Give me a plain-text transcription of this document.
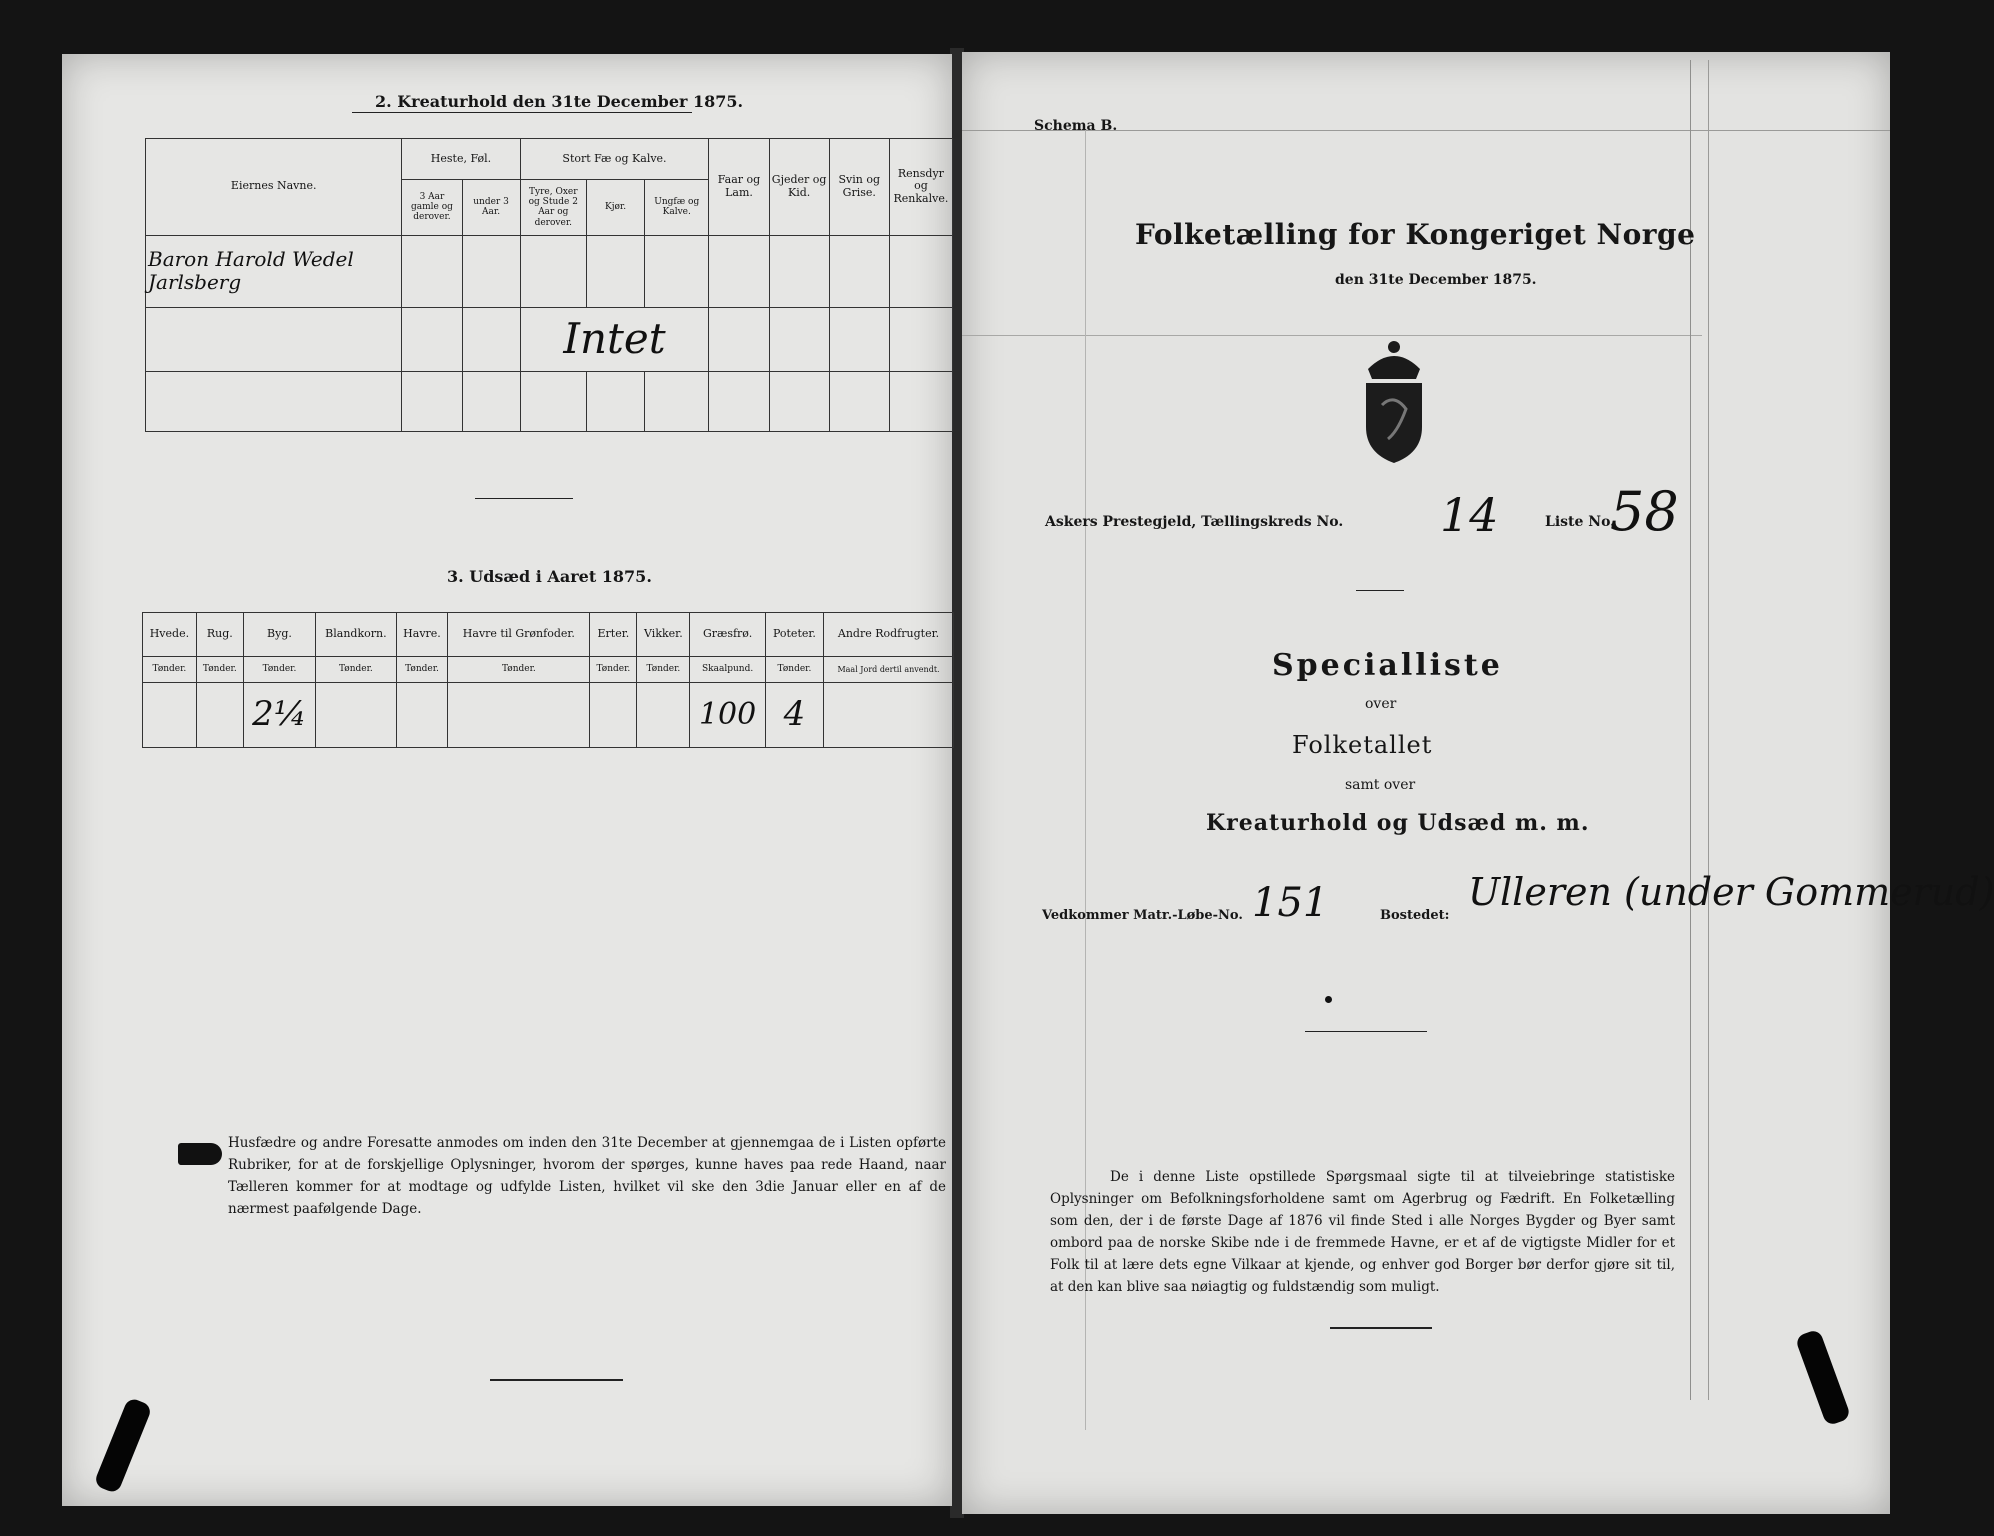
2. Kreaturhold den 31te December 1875.
Eiernes Navne.	Heste, Føl.		Stort Fæ og Kalve.			Faar og Lam.	Gjeder og Kid.	Svin og Grise.	Rensdyr og Renkalve.
	3 Aar gamle og derover.	under 3 Aar.	Tyre, Oxer og Stude 2 Aar og derover.	Kjør.	Ungfæ og Kalve.				
Baron Harold Wedel Jarlsberg									
			Intet						

3. Udsæd i Aaret 1875.
Hvede.	Rug.	Byg.	Blandkorn.	Havre.	Havre til Grønfoder.	Erter.	Vikker.	Græsfrø.	Poteter.	Andre Rodfrugter.
Tønder.	Tønder.	Tønder.	Tønder.	Tønder.	Tønder.	Tønder.	Tønder.	Skaalpund.	Tønder.	Maal Jord dertil anvendt.
		2¼						100	4	
Husfædre og andre Foresatte anmodes om inden den 31te December at gjennemgaa de i Listen opførte Rubriker, for at de forskjellige Oplysninger, hvorom der spørges, kunne haves paa rede Haand, naar Tælleren kommer for at modtage og udfylde Listen, hvilket vil ske den 3die Januar eller en af de nærmest paafølgende Dage.
Schema B.
Folketælling for Kongeriget Norge
den 31te December 1875.
Askers Prestegjeld, Tællingskreds No. 14	Liste No.
58
Specialliste
over
Folketallet
samt over
Kreaturhold og Udsæd m. m.
Vedkommer Matr.-Løbe-No. 151	Bostedet:
Ulleren (under Gommerud)
De i denne Liste opstillede Spørgsmaal sigte til at tilveiebringe statistiske Oplysninger om Befolkningsforholdene samt om Agerbrug og Fædrift. En Folketælling som den, der i de første Dage af 1876 vil finde Sted i alle Norges Bygder og Byer samt ombord paa de norske Skibe nde i de fremmede Havne, er et af de vigtigste Midler for et Folk til at lære dets egne Vilkaar at kjende, og enhver god Borger bør derfor gjøre sit til, at den kan blive saa nøiagtig og fuldstændig som muligt.
